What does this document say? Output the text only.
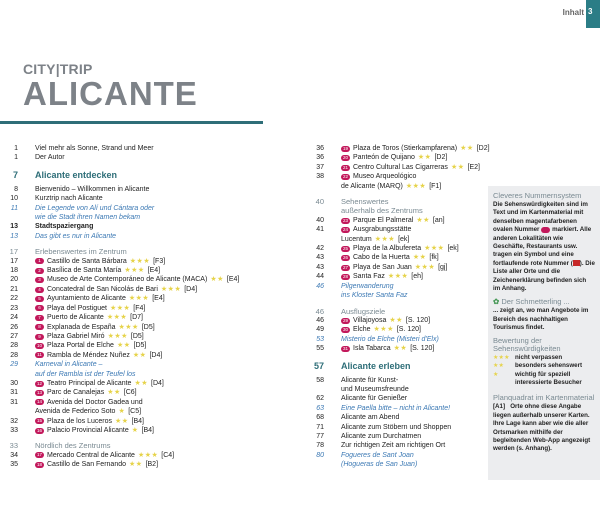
Inhalt 3
CITY|TRIP
ALICANTE
1 Viel mehr als Sonne, Strand und Meer
1 Der Autor
7 Alicante entdecken
8 Bienvenido – Willkommen in Alicante
10 Kurztrip nach Alicante
11 Die Legende von Alí und Cántara oder
wie die Stadt ihren Namen bekam
13 Stadtspaziergang
13 Das gibt es nur in Alicante
17 Erlebenswertes im Zentrum
17	1 Castillo de Santa Bárbara ★★★ [F3]
18	2 Basílica de Santa María ★★★ [E4]
20	3 Museo de Arte Contemporáneo de Alicante (MACA) ★★ [E4]
21	4 Concatedral de San Nicolás de Bari ★★★ [D4]
22	5 Ayuntamiento de Alicante ★★★ [E4]
23	6 Playa del Postiguet ★★★ [F4]
24	7 Puerto de Alicante ★★★ [D7]
26	8 Explanada de España ★★★ [D5]
27	9 Plaza Gabriel Miró ★★★ [D5]
28	10 Plaza Portal de Elche ★★ [D5]
28	11 Rambla de Méndez Nuñez ★★ [D4]
29 Karneval in Alicante –
auf der Rambla ist der Teufel los
30	12 Teatro Principal de Alicante ★★ [D4]
31	13 Parc de Canalejas ★★ [C6]
31	14 Avenida del Doctor Gadea und
Avenida de Federico Soto ★ [C5]
32	15 Plaza de los Luceros ★★ [B4]
33	16 Palacio Provincial Alicante ★ [B4]
33 Nördlich des Zentrums
34	17 Mercado Central de Alicante ★★★ [C4]
35	18 Castillo de San Fernando ★★ [B2]
36	19 Plaza de Toros (Stierkampfarena) ★★ [D2]
36	20 Panteón de Quijano ★★ [D2]
37	21 Centro Cultural Las Cigarreras ★★ [E2]
38	22 Museo Arqueológico
de Alicante (MARQ) ★★★ [F1]
40 Sehenswertes
außerhalb des Zentrums
40	23 Parque El Palmeral ★★ [an]
41	24 Ausgrabungsstätte
Lucentum ★★★ [ek]
42	25 Playa de la Albufereta ★★★ [ek]
43	26 Cabo de la Huerta ★★ [fk]
43	27 Playa de San Juan ★★★ [gj]
44	28 Santa Faz ★★★ [eh]
46 Pilgerwanderung
ins Kloster Santa Faz
46 Ausflugsziele
46	29 Villajoyosa ★★ [S. 120]
49	30 Elche ★★★ [S. 120]
53 Misterio de Elche (Misteri d'Elx)
55	31 Isla Tabarca ★★ [S. 120]
57 Alicante erleben
58 Alicante für Kunst-
und Museumsfreunde
62 Alicante für Genießer
63 Eine Paella bitte – nicht in Alicante!
68 Alicante am Abend
71 Alicante zum Stöbern und Shoppen
77 Alicante zum Durchatmen
78 Zur richtigen Zeit am richtigen Ort
80 Fogueres de Sant Joan
(Hogueras de San Juan)
Cleveres Nummernsystem

Die Sehenswürdigkeiten sind im Text und im Kartenmaterial mit denselben magentafarbenen ovalen Nummer markiert. Alle anderen Lokalitäten wie Geschäfte, Restaurants usw. tragen ein Symbol und eine fortlaufende rote Nummer ( ). Die Liste aller Orte und die Zeichenerklärung befinden sich im Anhang.

✿ Der Schmetterling ...

... zeigt an, wo man Angebote im Bereich des nachhaltigen Tourismus findet.

Bewertung der
Sehenswürdigkeiten
★★★ nicht verpassen
★★	besonders sehenswert
★	wichtig für speziell interessierte Besucher
Planquadrat im Kartenmaterial

[A1] Orte ohne diese Angabe liegen außerhalb unserer Karten. Ihre Lage kann aber wie die aller Ortsmarken mithilfe der begleitenden Web-App angezeigt werden (s. Anhang).
